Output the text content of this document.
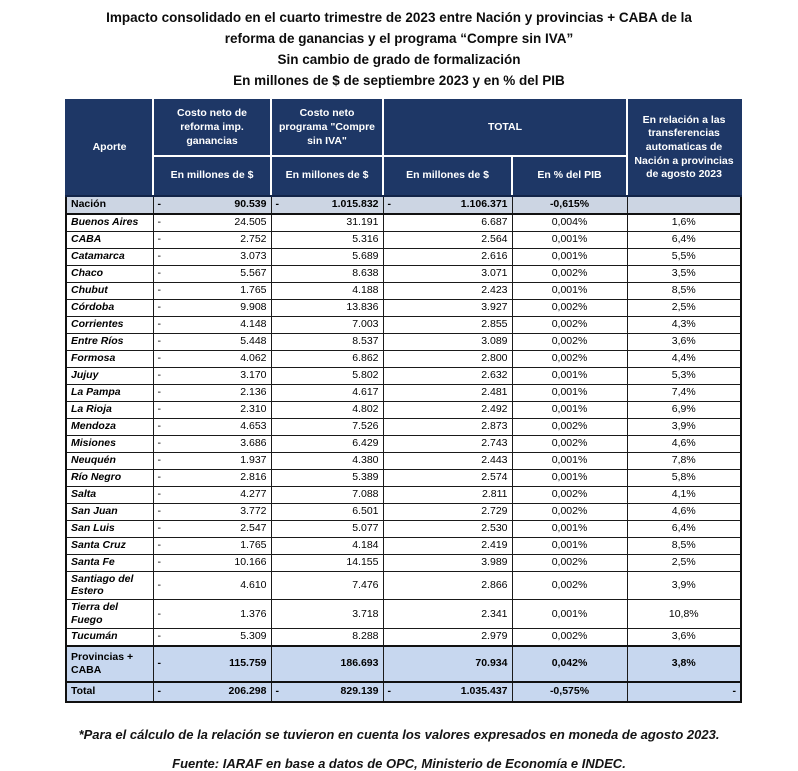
Impacto consolidado en el cuarto trimestre de 2023 entre Nación y provincias + CABA de la
reforma de ganancias y el programa “Compre sin IVA”
Sin cambio de grado de formalización
En millones de $ de septiembre 2023 y en % del PIB
Aporte	Costo neto de reforma imp. ganancias	Costo neto programa "Compre sin IVA"	TOTAL		En relación a las transferencias automaticas de Nación a provincias de agosto 2023
	En millones de $	En millones de $	En millones de $	En % del PIB	
Nación	- 90.539	- 1.015.832	- 1.106.371	-0,615%	
Buenos Aires	- 24.505	31.191	6.687	0,004%	1,6%
CABA	- 2.752	5.316	2.564	0,001%	6,4%
Catamarca	- 3.073	5.689	2.616	0,001%	5,5%
Chaco	- 5.567	8.638	3.071	0,002%	3,5%
Chubut	- 1.765	4.188	2.423	0,001%	8,5%
Córdoba	- 9.908	13.836	3.927	0,002%	2,5%
Corrientes	- 4.148	7.003	2.855	0,002%	4,3%
Entre Ríos	- 5.448	8.537	3.089	0,002%	3,6%
Formosa	- 4.062	6.862	2.800	0,002%	4,4%
Jujuy	- 3.170	5.802	2.632	0,001%	5,3%
La Pampa	- 2.136	4.617	2.481	0,001%	7,4%
La Rioja	- 2.310	4.802	2.492	0,001%	6,9%
Mendoza	- 4.653	7.526	2.873	0,002%	3,9%
Misiones	- 3.686	6.429	2.743	0,002%	4,6%
Neuquén	- 1.937	4.380	2.443	0,001%	7,8%
Río Negro	- 2.816	5.389	2.574	0,001%	5,8%
Salta	- 4.277	7.088	2.811	0,002%	4,1%
San Juan	- 3.772	6.501	2.729	0,002%	4,6%
San Luis	- 2.547	5.077	2.530	0,001%	6,4%
Santa Cruz	- 1.765	4.184	2.419	0,001%	8,5%
Santa Fe	- 10.166	14.155	3.989	0,002%	2,5%
Santiago del Estero	- 4.610	7.476	2.866	0,002%	3,9%
Tierra del Fuego	- 1.376	3.718	2.341	0,001%	10,8%
Tucumán	- 5.309	8.288	2.979	0,002%	3,6%
Provincias + CABA	- 115.759	186.693	70.934	0,042%	3,8%
Total	- 206.298	- 829.139	- 1.035.437	-0,575%	-

*Para el cálculo de la relación se tuvieron en cuenta los valores expresados en moneda de agosto 2023.

Fuente: IARAF en base a datos de OPC, Ministerio de Economía e INDEC.
